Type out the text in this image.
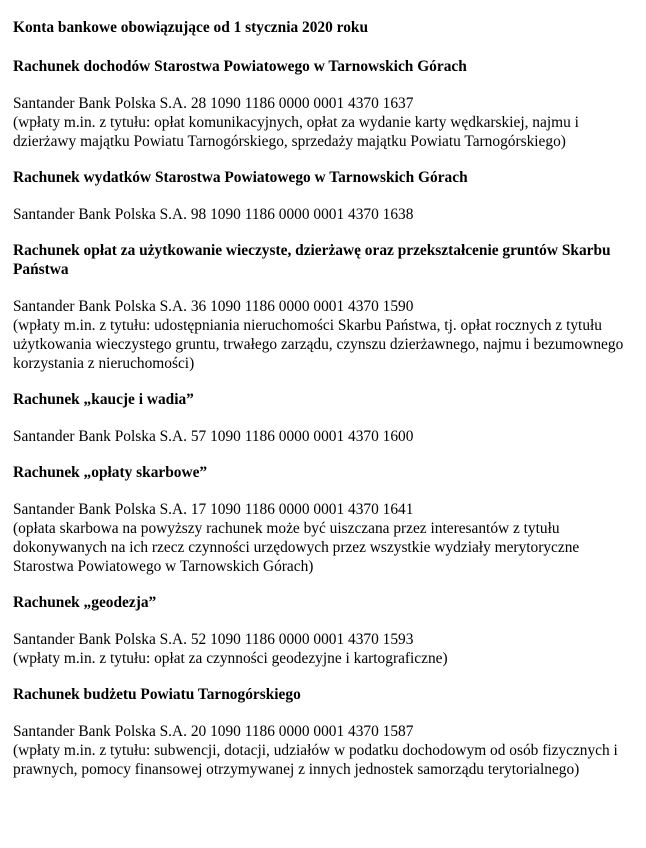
Konta bankowe obowiązujące od 1 stycznia 2020 roku
Rachunek dochodów Starostwa Powiatowego w Tarnowskich Górach
Santander Bank Polska S.A. 28 1090 1186 0000 0001 4370 1637
(wpłaty m.in. z tytułu: opłat komunikacyjnych, opłat za wydanie karty wędkarskiej, najmu i dzierżawy majątku Powiatu Tarnogórskiego, sprzedaży majątku Powiatu Tarnogórskiego)
Rachunek wydatków Starostwa Powiatowego w Tarnowskich Górach
Santander Bank Polska S.A. 98 1090 1186 0000 0001 4370 1638
Rachunek opłat za użytkowanie wieczyste, dzierżawę oraz przekształcenie gruntów Skarbu Państwa
Santander Bank Polska S.A. 36 1090 1186 0000 0001 4370 1590
(wpłaty m.in. z tytułu: udostępniania nieruchomości Skarbu Państwa, tj. opłat rocznych z tytułu użytkowania wieczystego gruntu, trwałego zarządu, czynszu dzierżawnego, najmu i bezumownego korzystania z nieruchomości)
Rachunek „kaucje i wadia”
Santander Bank Polska S.A. 57 1090 1186 0000 0001 4370 1600
Rachunek „opłaty skarbowe”
Santander Bank Polska S.A. 17 1090 1186 0000 0001 4370 1641
(opłata skarbowa na powyższy rachunek może być uiszczana przez interesantów z tytułu dokonywanych na ich rzecz czynności urzędowych przez wszystkie wydziały merytoryczne Starostwa Powiatowego w Tarnowskich Górach)
Rachunek „geodezja”
Santander Bank Polska S.A. 52 1090 1186 0000 0001 4370 1593
(wpłaty m.in. z tytułu: opłat za czynności geodezyjne i kartograficzne)
Rachunek budżetu Powiatu Tarnogórskiego
Santander Bank Polska S.A. 20 1090 1186 0000 0001 4370 1587
(wpłaty m.in. z tytułu: subwencji, dotacji, udziałów w podatku dochodowym od osób fizycznych i prawnych, pomocy finansowej otrzymywanej z innych jednostek samorządu terytorialnego)
